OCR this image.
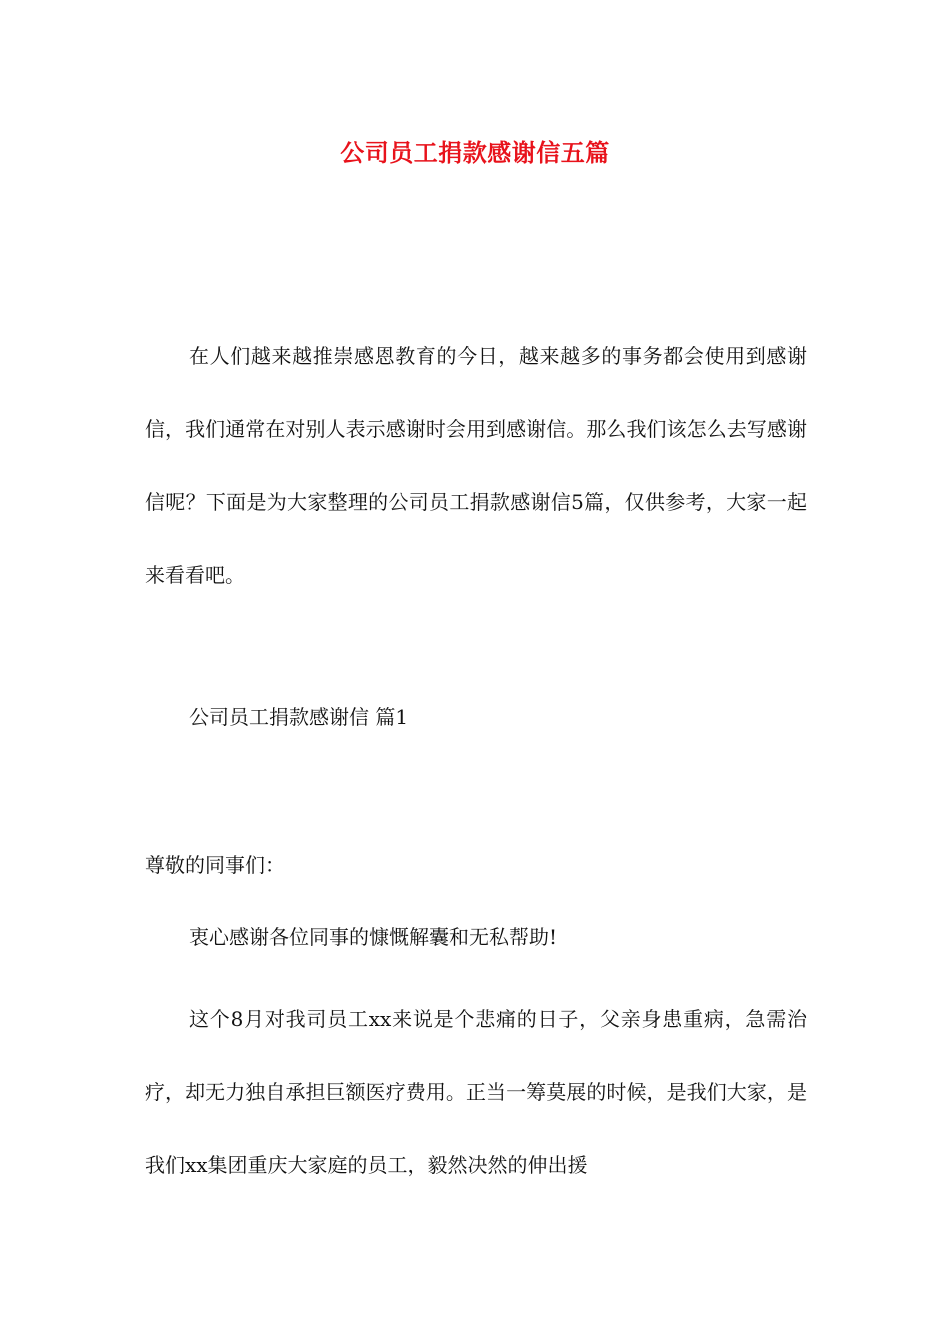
公司员工捐款感谢信五篇

在人们越来越推崇感恩教育的今日，越来越多的事务都会使用到感谢信，我们通常在对别人表示感谢时会用到感谢信。那么我们该怎么去写感谢信呢？下面是为大家整理的公司员工捐款感谢信5篇，仅供参考，大家一起来看看吧。

公司员工捐款感谢信 篇1

尊敬的同事们：

衷心感谢各位同事的慷慨解囊和无私帮助!

这个8月对我司员工xx来说是个悲痛的日子，父亲身患重病，急需治疗，却无力独自承担巨额医疗费用。正当一筹莫展的时候，是我们大家，是我们xx集团重庆大家庭的员工，毅然决然的伸出援
